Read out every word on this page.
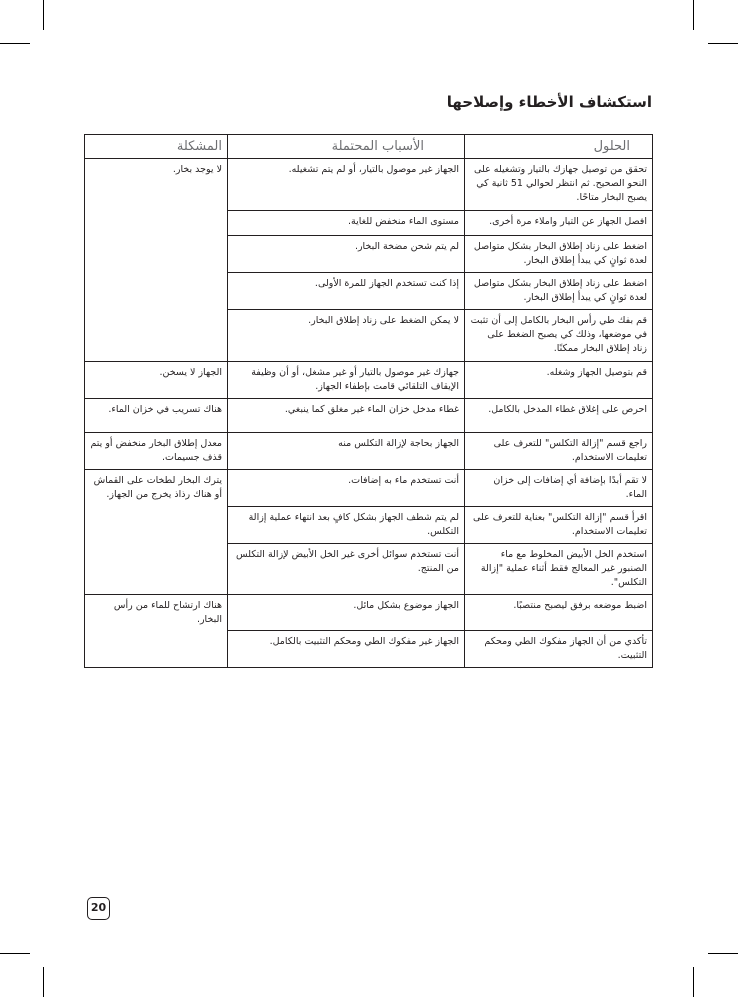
استكشاف الأخطاء وإصلاحها
الحلول	الأسباب المحتملة	المشكلة
تحقق من توصيل جهازك بالتيار وتشغيله على النحو الصحيح. ثم انتظر لحوالي 51 ثانية كي يصبح البخار متاحًا.	الجهاز غير موصول بالتيار، أو لم يتم تشغيله.	لا يوجد بخار.
افصل الجهاز عن التيار واملاء مرة أخرى.	مستوى الماء منخفض للغاية.	
اضغط على زناد إطلاق البخار بشكل متواصل لعدة ثوانٍ كي يبدأ إطلاق البخار.	لم يتم شحن مضخة البخار.	
اضغط على زناد إطلاق البخار بشكل متواصل لعدة ثوانٍ كي يبدأ إطلاق البخار.	إذا كنت تستخدم الجهاز للمرة الأولى.	
قم بفك طي رأس البخار بالكامل إلى أن تثبت في موضعها، وذلك كي يصبح الضغط على زناد إطلاق البخار ممكنًا.	لا يمكن الضغط على زناد إطلاق البخار.	
قم بتوصيل الجهاز وشغله.	جهازك غير موصول بالتيار أو غير مشغل، أو أن وظيفة الإيقاف التلقائي قامت بإطفاء الجهاز.	الجهاز لا يسخن.
احرص على إغلاق غطاء المدخل بالكامل.	غطاء مدخل خزان الماء غير مغلق كما ينبغي.	هناك تسريب في خزان الماء.
راجع قسم "إزالة التكلس" للتعرف على تعليمات الاستخدام.	الجهاز بحاجة لإزالة التكلس منه	معدل إطلاق البخار منخفض أو يتم قذف جسيمات.
لا تقم أبدًا بإضافة أي إضافات إلى خزان الماء.	أنت تستخدم ماء به إضافات.	يترك البخار لطخات على القماش أو هناك رذاذ يخرج من الجهاز.
اقرأ قسم "إزالة التكلس" بعناية للتعرف على تعليمات الاستخدام.	لم يتم شطف الجهاز بشكل كافٍ بعد انتهاء عملية إزالة التكلس.	
استخدم الخل الأبيض المخلوط مع ماء الصنبور غير المعالج فقط أثناء عملية "إزالة التكلس".	أنت تستخدم سوائل أخرى غير الخل الأبيض لإزالة التكلس من المنتج.	
اضبط موضعه برفق ليصبح منتصبًا.	الجهاز موضوع بشكل مائل.	هناك ارتشاح للماء من رأس البخار.
تأكدي من أن الجهاز مفكوك الطي ومحكم التثبيت.	الجهاز غير مفكوك الطي ومحكم التثبيت بالكامل.	
20
